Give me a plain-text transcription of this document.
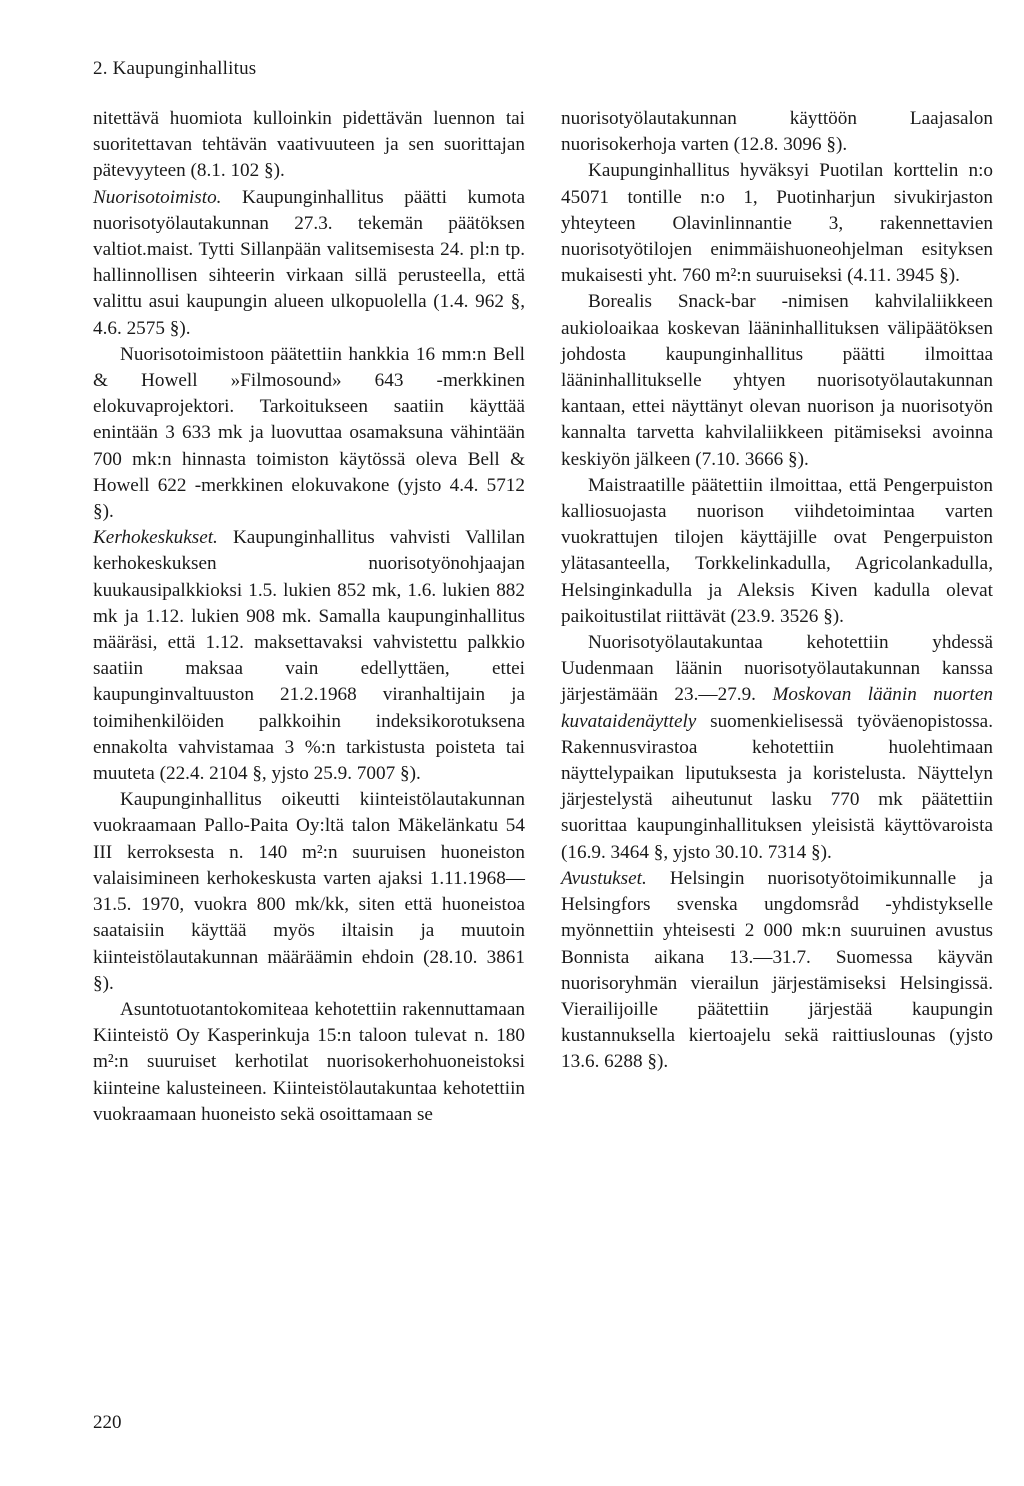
2. Kaupunginhallitus

nitettävä huomiota kulloinkin pidettävän luennon tai suoritettavan tehtävän vaativuuteen ja sen suorittajan pätevyyteen (8.1. 102 §).

Nuorisotoimisto. Kaupunginhallitus päätti kumota nuorisotyölautakunnan 27.3. tekemän päätöksen valtiot.maist. Tytti Sillanpään valitsemisesta 24. pl:n tp. hallinnollisen sihteerin virkaan sillä perusteella, että valittu asui kaupungin alueen ulkopuolella (1.4. 962 §, 4.6. 2575 §).

Nuorisotoimistoon päätettiin hankkia 16 mm:n Bell & Howell »Filmosound» 643 -merkkinen elokuvaprojektori. Tarkoitukseen saatiin käyttää enintään 3 633 mk ja luovuttaa osamaksuna vähintään 700 mk:n hinnasta toimiston käytössä oleva Bell & Howell 622 -merkkinen elokuvakone (yjsto 4.4. 5712 §).

Kerhokeskukset. Kaupunginhallitus vahvisti Vallilan kerhokeskuksen nuorisotyönohjaajan kuukausipalkkioksi 1.5. lukien 852 mk, 1.6. lukien 882 mk ja 1.12. lukien 908 mk. Samalla kaupunginhallitus määräsi, että 1.12. maksettavaksi vahvistettu palkkio saatiin maksaa vain edellyttäen, ettei kaupunginvaltuuston 21.2.1968 viranhaltijain ja toimihenkilöiden palkkoihin indeksikorotuksena ennakolta vahvistamaa 3 %:n tarkistusta poisteta tai muuteta (22.4. 2104 §, yjsto 25.9. 7007 §).

Kaupunginhallitus oikeutti kiinteistölautakunnan vuokraamaan Pallo-Paita Oy:ltä talon Mäkelänkatu 54 III kerroksesta n. 140 m²:n suuruisen huoneiston valaisimineen kerhokeskusta varten ajaksi 1.11.1968—31.5. 1970, vuokra 800 mk/kk, siten että huoneistoa saataisiin käyttää myös iltaisin ja muutoin kiinteistölautakunnan määräämin ehdoin (28.10. 3861 §).

Asuntotuotantokomiteaa kehotettiin rakennuttamaan Kiinteistö Oy Kasperinkuja 15:n taloon tulevat n. 180 m²:n suuruiset kerhotilat nuorisokerhohuoneistoksi kiinteine kalusteineen. Kiinteistölautakuntaa kehotettiin vuokraamaan huoneisto sekä osoittamaan se

nuorisotyölautakunnan käyttöön Laajasalon nuorisokerhoja varten (12.8. 3096 §).

Kaupunginhallitus hyväksyi Puotilan korttelin n:o 45071 tontille n:o 1, Puotinharjun sivukirjaston yhteyteen Olavinlinnantie 3, rakennettavien nuorisotyötilojen enimmäishuoneohjelman esityksen mukaisesti yht. 760 m²:n suuruiseksi (4.11. 3945 §).

Borealis Snack-bar -nimisen kahvilaliikkeen aukioloaikaa koskevan lääninhallituksen välipäätöksen johdosta kaupunginhallitus päätti ilmoittaa lääninhallitukselle yhtyen nuorisotyölautakunnan kantaan, ettei näyttänyt olevan nuorison ja nuorisotyön kannalta tarvetta kahvilaliikkeen pitämiseksi avoinna keskiyön jälkeen (7.10. 3666 §).

Maistraatille päätettiin ilmoittaa, että Pengerpuiston kalliosuojasta nuorison viihdetoimintaa varten vuokrattujen tilojen käyttäjille ovat Pengerpuiston ylätasanteella, Torkkelinkadulla, Agricolankadulla, Helsinginkadulla ja Aleksis Kiven kadulla olevat paikoitustilat riittävät (23.9. 3526 §).

Nuorisotyölautakuntaa kehotettiin yhdessä Uudenmaan läänin nuorisotyölautakunnan kanssa järjestämään 23.—27.9. Moskovan läänin nuorten kuvataidenäyttely suomenkielisessä työväenopistossa. Rakennusvirastoa kehotettiin huolehtimaan näyttelypaikan liputuksesta ja koristelusta. Näyttelyn järjestelystä aiheutunut lasku 770 mk päätettiin suorittaa kaupunginhallituksen yleisistä käyttövaroista (16.9. 3464 §, yjsto 30.10. 7314 §).

Avustukset. Helsingin nuorisotyötoimikunnalle ja Helsingfors svenska ungdomsråd -yhdistykselle myönnettiin yhteisesti 2 000 mk:n suuruinen avustus Bonnista aikana 13.—31.7. Suomessa käyvän nuorisoryhmän vierailun järjestämiseksi Helsingissä. Vierailijoille päätettiin järjestää kaupungin kustannuksella kiertoajelu sekä raittiuslounas (yjsto 13.6. 6288 §).

220
